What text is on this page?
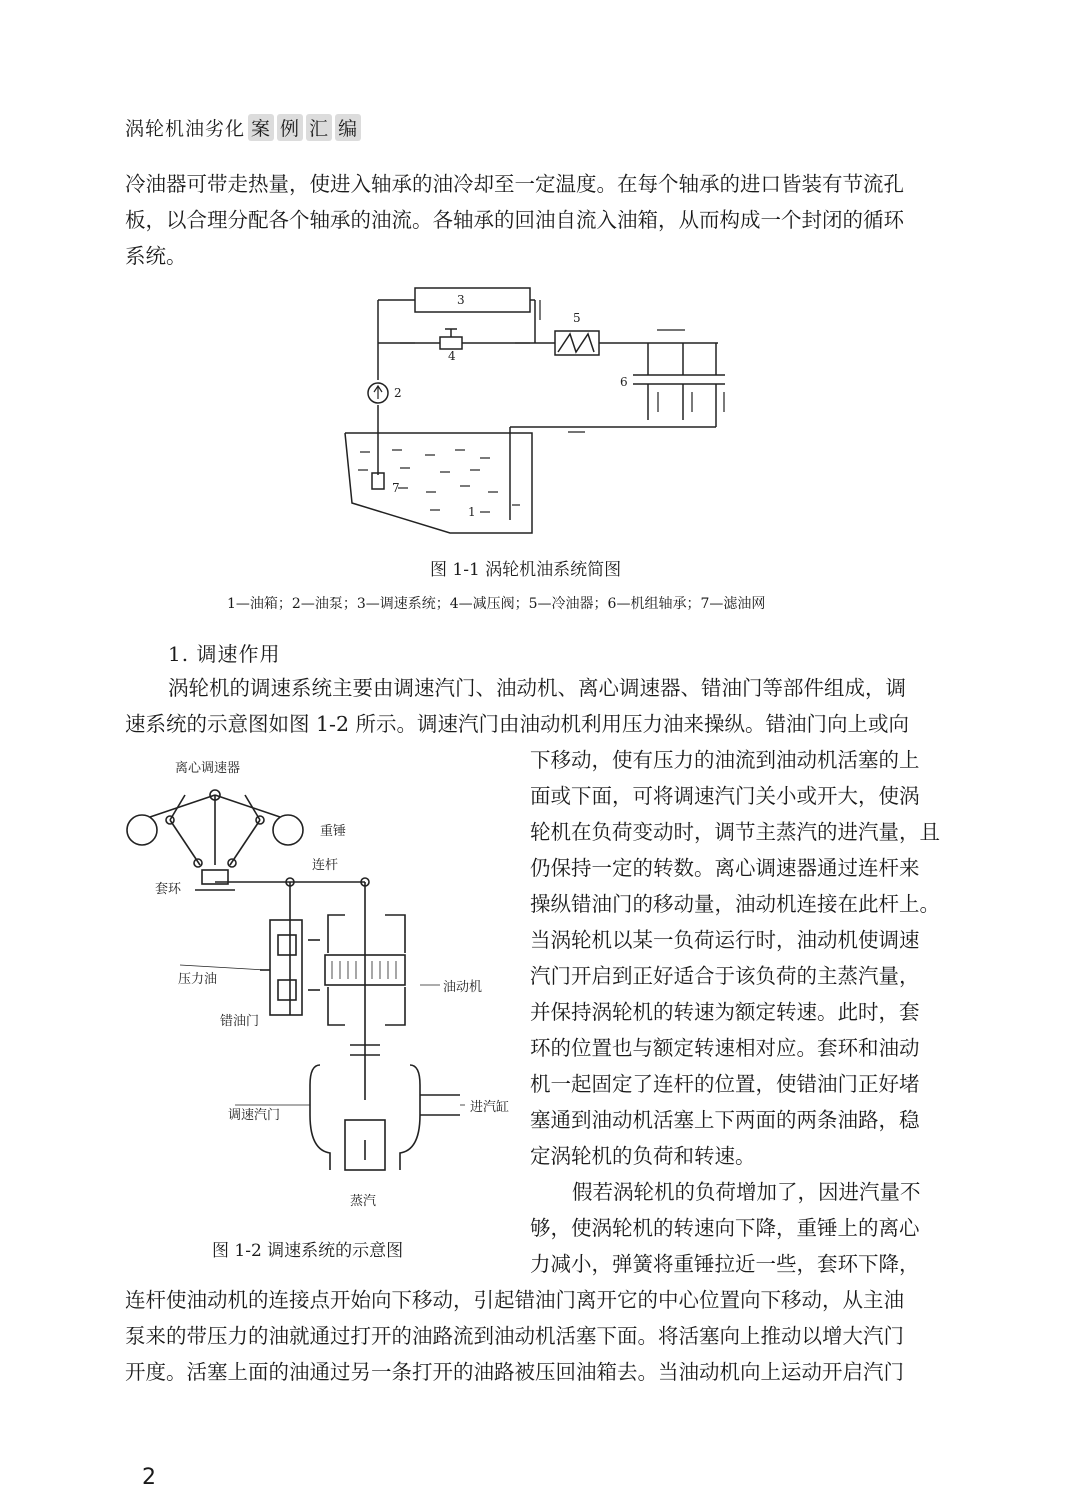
涡轮机油劣化 案 例 汇 编
冷油器可带走热量，使进入轴承的油冷却至一定温度。在每个轴承的进口皆装有节流孔
板，以合理分配各个轴承的油流。各轴承的回油自流入油箱，从而构成一个封闭的循环
系统。
3
4
5
6
2
7
1
图 1-1 涡轮机油系统简图
1—油箱；2—油泵；3—调速系统；4—减压阀；5—冷油器；6—机组轴承；7—滤油网
1. 调速作用
涡轮机的调速系统主要由调速汽门、油动机、离心调速器、错油门等部件组成，调
速系统的示意图如图 1-2 所示。调速汽门由油动机利用压力油来操纵。错油门向上或向
下移动，使有压力的油流到油动机活塞的上
面或下面，可将调速汽门关小或开大，使涡
轮机在负荷变动时，调节主蒸汽的进汽量，且
仍保持一定的转数。离心调速器通过连杆来
操纵错油门的移动量，油动机连接在此杆上。
当涡轮机以某一负荷运行时，油动机使调速
汽门开启到正好适合于该负荷的主蒸汽量，
并保持涡轮机的转速为额定转速。此时，套
环的位置也与额定转速相对应。套环和油动
机一起固定了连杆的位置，使错油门正好堵
塞通到油动机活塞上下两面的两条油路，稳
定涡轮机的负荷和转速。
假若涡轮机的负荷增加了，因进汽量不
够，使涡轮机的转速向下降，重锤上的离心
力减小，弹簧将重锤拉近一些，套环下降，
离心调速器
重锤
连杆
套环
压力油
油动机
错油门
调速汽门
进汽缸
蒸汽
图 1-2 调速系统的示意图
连杆使油动机的连接点开始向下移动，引起错油门离开它的中心位置向下移动，从主油
泵来的带压力的油就通过打开的油路流到油动机活塞下面。将活塞向上推动以增大汽门
开度。活塞上面的油通过另一条打开的油路被压回油箱去。当油动机向上运动开启汽门
2
